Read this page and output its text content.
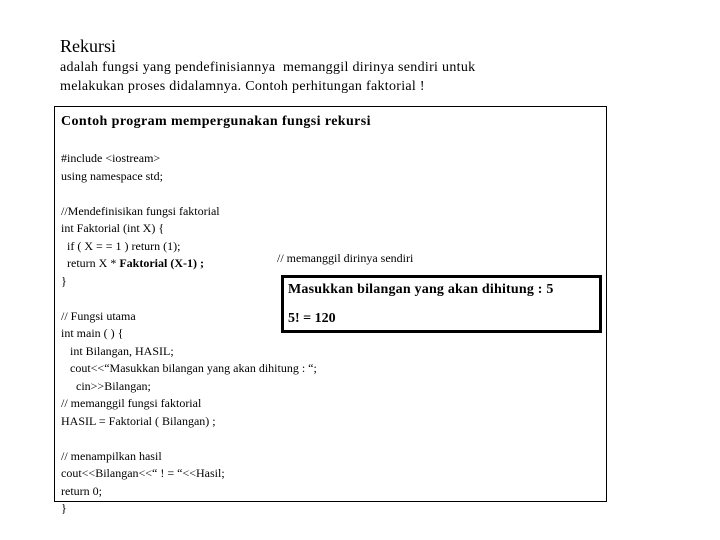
Rekursi
adalah fungsi yang pendefinisiannya  memanggil dirinya sendiri untuk
melakukan proses didalamnya. Contoh perhitungan faktorial !
Contoh program mempergunakan fungsi rekursi
#include <iostream>
using namespace std;
//Mendefinisikan fungsi faktorial
int Faktorial (int X) {
if ( X = = 1 ) return (1);
return X * Faktorial (X-1) ;
}
// Fungsi utama
int main ( ) {
int Bilangan, HASIL;
cout<<“Masukkan bilangan yang akan dihitung : “;
cin>>Bilangan;
// memanggil fungsi faktorial
HASIL = Faktorial ( Bilangan) ;
// menampilkan hasil
cout<<Bilangan<<“ ! = “<<Hasil;
return 0;
}
// memanggil dirinya sendiri
Masukkan bilangan yang akan dihitung : 5
5! = 120
